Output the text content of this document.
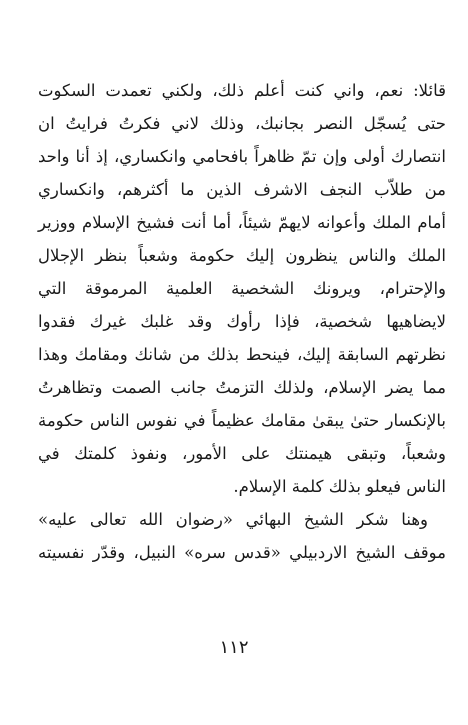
قائلا: نعم، واني كنت أعلم ذلك، ولكني تعمدت السكوت
حتى يُسجّل النصر بجانبك، وذلك لاني فكرتُ فرايتُ ان
انتصارك أولى وإن تمّ ظاهراً بافحامي وانكساري، إذ أنا واحد
من طلاّب النجف الاشرف الذين ما أكثرهم، وانكساري
أمام الملك وأعوانه لايهمّ شيئاً، أما أنت فشيخ الإسلام ووزير
الملك والناس ينظرون إليك حكومة وشعباً بنظر الإجلال
والإحترام، ويرونك الشخصية العلمية المرموقة التي
لايضاهيها شخصية، فإذا رأوك وقد غلبك غيرك فقدوا
نظرتهم السابقة إليك، فينحط بذلك من شانك ومقامك وهذا
مما يضر الإسلام، ولذلك التزمتُ جانب الصمت وتظاهرتُ
بالإنكسار حتىٰ يبقىٰ مقامك عظيماً في نفوس الناس حكومة
وشعباً، وتبقى هيمنتك على الأمور، ونفوذ كلمتك في
الناس فيعلو بذلك كلمة الإسلام.
وهنا شكر الشيخ البهائي «رضوان الله تعالى عليه»
موقف الشيخ الاردبيلي «قدس سره» النبيل، وقدّر نفسيته
١١٢
